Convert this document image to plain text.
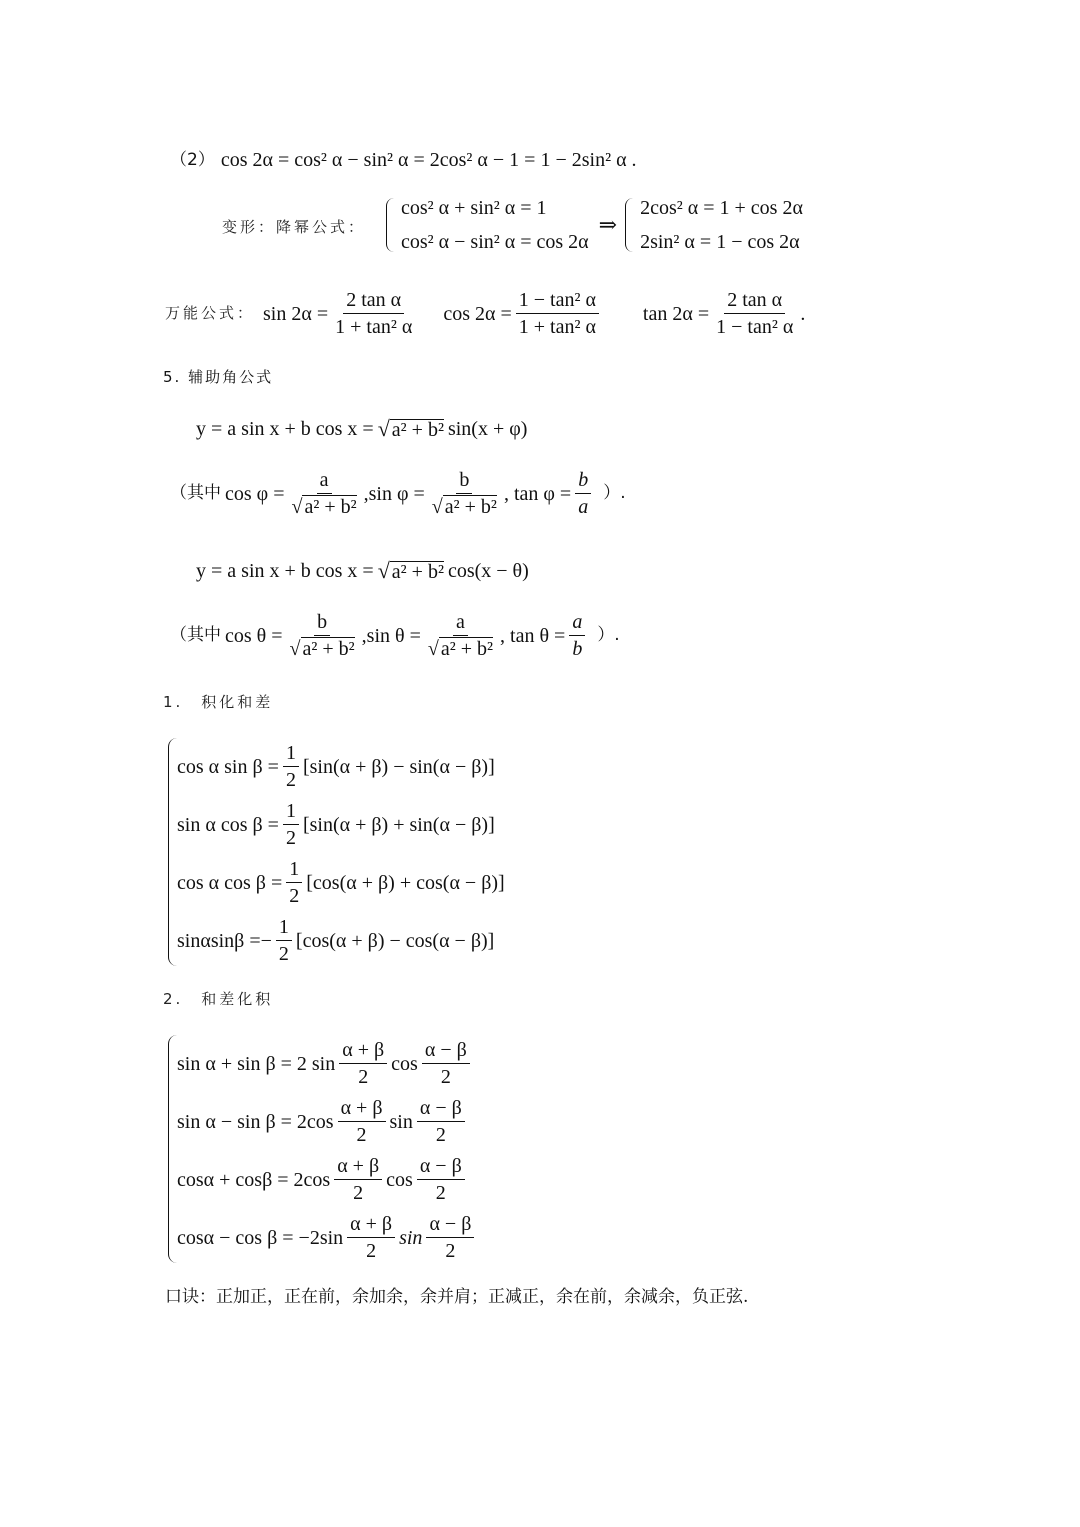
（2） cos 2α = cos² α − sin² α = 2cos² α − 1 = 1 − 2sin² α .
变形：降幂公式：
cos² α + sin² α = 1
cos² α − sin² α = cos 2α
⇒
2cos² α = 1 + cos 2α
2sin² α = 1 − cos 2α
万能公式： $\sin 2\alpha = \frac{\text{2 tan α}}{\text{1 + tan² α}}$ $\cos 2\alpha = \frac{\text{1 − tan² α}}{\text{1 + tan² α}}$ $\tan 2\alpha = \frac{\text{2 tan α}}{\text{1 − tan² α}}$ .
5. 辅助角公式
y = a sin x + b cos x = √ a² + b² sin(x + φ)
（其中 $\cos \varphi = \frac{a}{\text{√ a² + b²}} ,\sin$ $\varphi = \frac{b}{\text{√ a² + b²}}$ , $\tan \varphi = \frac{b}{a}$ ）.
y = a sin x + b cos x = √ a² + b² cos(x − θ)
（其中 $\cos \theta = \frac{b}{\text{√ a² + b²}} ,\sin$ $\theta = \frac{a}{\text{√ a² + b²}}$ , $\tan \theta = \frac{a}{b}$ ）.
1.　积化和差
cos α $\sin \beta = \frac{1}{2} [\sin(\alpha + \beta) - \sin(\alpha - \beta)]$
sin α $\cos \beta = \frac{1}{2} [\sin(\alpha + \beta) + \sin(\alpha - \beta)]$
cos α $\cos \beta = \frac{1}{2} [\cos(\alpha + \beta) + \cos(\alpha - \beta)]$
sinαsinβ = − $\frac{1}{2} [\cos(\alpha + \beta) - \cos(\alpha - \beta)]$
2.　和差化积
sin α + sin β = 2 $\sin \frac{\alpha + \beta}{2}$ $\cos \frac{\alpha - \beta}{2}$
$\sin \alpha - \sin \beta = 2\cos \frac{\alpha + \beta}{2}$ $\sin \frac{\alpha - \beta}{2}$
$\cos\alpha + \cos\beta = 2\cos \frac{\alpha + \beta}{2}$ $\cos \frac{\alpha - \beta}{2}$
$\cos\alpha - \cos \beta = -2\sin \frac{\alpha + \beta}{2}$ $\sin \frac{\alpha - \beta}{2}$
口诀：正加正，正在前，余加余，余并肩；正减正，余在前，余减余，负正弦.
